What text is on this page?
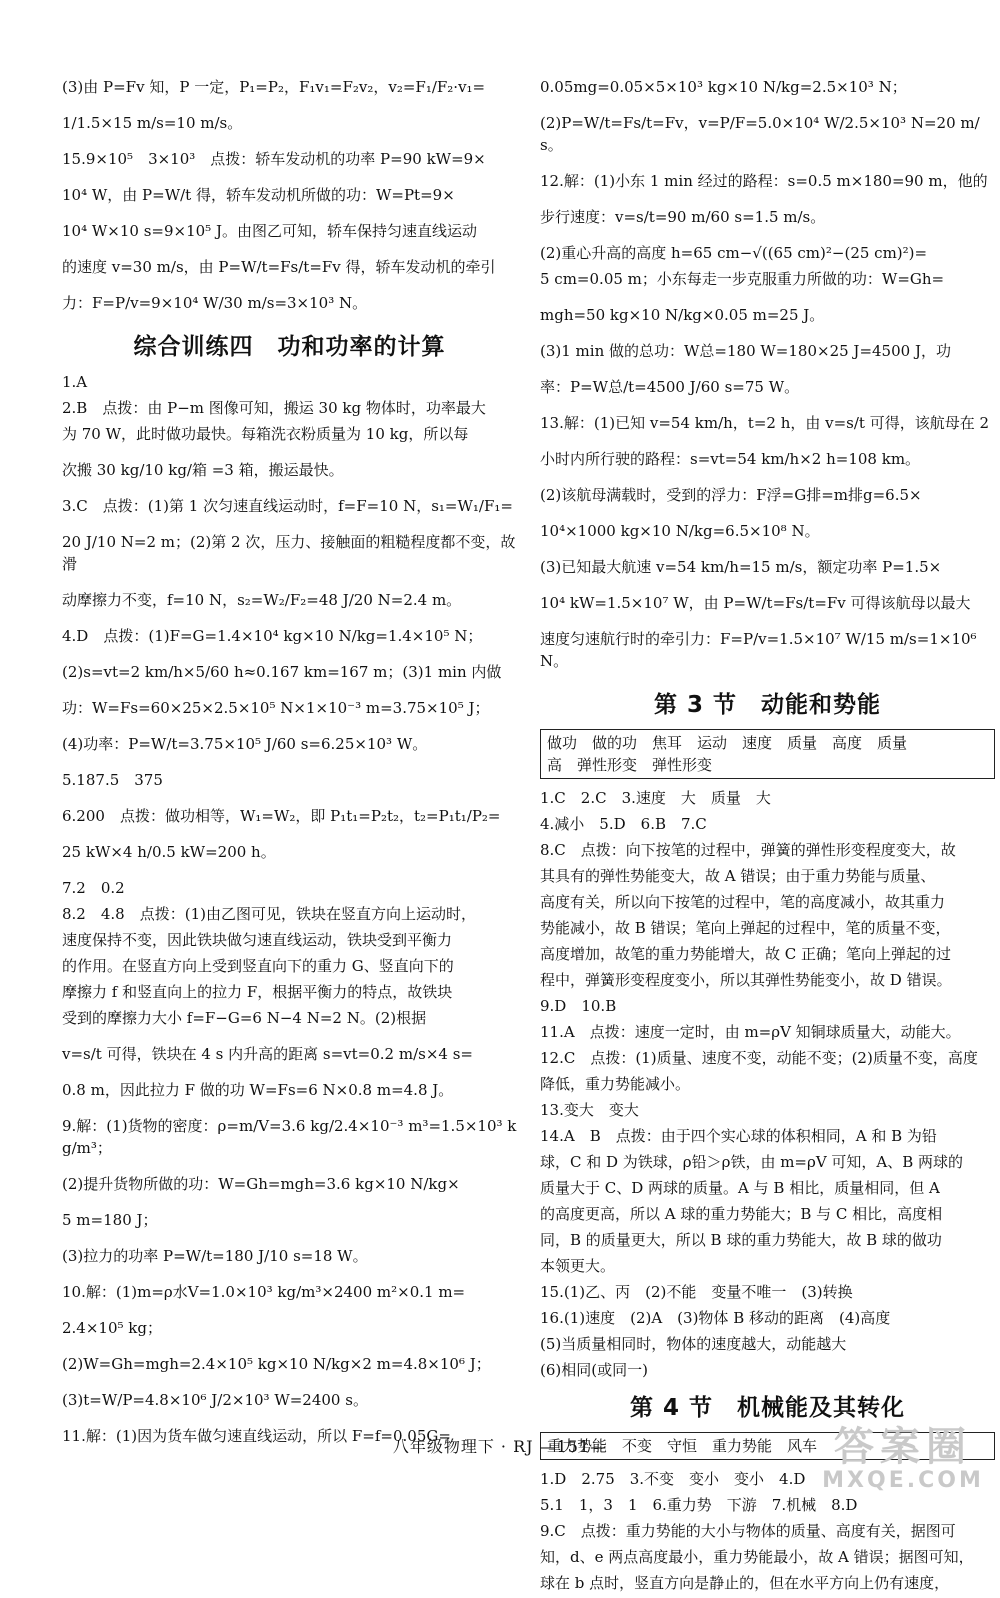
(3)由 P=Fv 知，P 一定，P₁=P₂，F₁v₁=F₂v₂，v₂=F₁/F₂·v₁=
1/1.5×15 m/s=10 m/s。
15.9×10⁵　3×10³　点拨：轿车发动机的功率 P=90 kW=9×
10⁴ W，由 P=W/t 得，轿车发动机所做的功：W=Pt=9×
10⁴ W×10 s=9×10⁵ J。由图乙可知，轿车保持匀速直线运动
的速度 v=30 m/s，由 P=W/t=Fs/t=Fv 得，轿车发动机的牵引
力：F=P/v=9×10⁴ W/30 m/s=3×10³ N。
综合训练四　功和功率的计算
1.A
2.B　点拨：由 P−m 图像可知，搬运 30 kg 物体时，功率最大
为 70 W，此时做功最快。每箱洗衣粉质量为 10 kg，所以每
次搬 30 kg/10 kg/箱 =3 箱，搬运最快。
3.C　点拨：(1)第 1 次匀速直线运动时，f=F=10 N，s₁=W₁/F₁=
20 J/10 N=2 m；(2)第 2 次，压力、接触面的粗糙程度都不变，故滑
动摩擦力不变，f=10 N，s₂=W₂/F₂=48 J/20 N=2.4 m。
4.D　点拨：(1)F=G=1.4×10⁴ kg×10 N/kg=1.4×10⁵ N；
(2)s=vt=2 km/h×5/60 h≈0.167 km=167 m；(3)1 min 内做
功：W=Fs=60×25×2.5×10⁵ N×1×10⁻³ m=3.75×10⁵ J；
(4)功率：P=W/t=3.75×10⁵ J/60 s=6.25×10³ W。
5.187.5　375
6.200　点拨：做功相等，W₁=W₂，即 P₁t₁=P₂t₂，t₂=P₁t₁/P₂=
25 kW×4 h/0.5 kW=200 h。
7.2　0.2
8.2　4.8　点拨：(1)由乙图可见，铁块在竖直方向上运动时，
速度保持不变，因此铁块做匀速直线运动，铁块受到平衡力
的作用。在竖直方向上受到竖直向下的重力 G、竖直向下的
摩擦力 f 和竖直向上的拉力 F，根据平衡力的特点，故铁块
受到的摩擦力大小 f=F−G=6 N−4 N=2 N。(2)根据
v=s/t 可得，铁块在 4 s 内升高的距离 s=vt=0.2 m/s×4 s=
0.8 m，因此拉力 F 做的功 W=Fs=6 N×0.8 m=4.8 J。
9.解：(1)货物的密度：ρ=m/V=3.6 kg/2.4×10⁻³ m³=1.5×10³ kg/m³；
(2)提升货物所做的功：W=Gh=mgh=3.6 kg×10 N/kg×
5 m=180 J；
(3)拉力的功率 P=W/t=180 J/10 s=18 W。
10.解：(1)m=ρ水V=1.0×10³ kg/m³×2400 m²×0.1 m=
2.4×10⁵ kg；
(2)W=Gh=mgh=2.4×10⁵ kg×10 N/kg×2 m=4.8×10⁶ J；
(3)t=W/P=4.8×10⁶ J/2×10³ W=2400 s。
11.解：(1)因为货车做匀速直线运动，所以 F=f=0.05G=
0.05mg=0.05×5×10³ kg×10 N/kg=2.5×10³ N；
(2)P=W/t=Fs/t=Fv，v=P/F=5.0×10⁴ W/2.5×10³ N=20 m/s。
12.解：(1)小东 1 min 经过的路程：s=0.5 m×180=90 m，他的
步行速度：v=s/t=90 m/60 s=1.5 m/s。
(2)重心升高的高度 h=65 cm−√((65 cm)²−(25 cm)²)=
5 cm=0.05 m；小东每走一步克服重力所做的功：W=Gh=
mgh=50 kg×10 N/kg×0.05 m=25 J。
(3)1 min 做的总功：W总=180 W=180×25 J=4500 J，功
率：P=W总/t=4500 J/60 s=75 W。
13.解：(1)已知 v=54 km/h，t=2 h，由 v=s/t 可得，该航母在 2
小时内所行驶的路程：s=vt=54 km/h×2 h=108 km。
(2)该航母满载时，受到的浮力：F浮=G排=m排g=6.5×
10⁴×1000 kg×10 N/kg=6.5×10⁸ N。
(3)已知最大航速 v=54 km/h=15 m/s，额定功率 P=1.5×
10⁴ kW=1.5×10⁷ W，由 P=W/t=Fs/t=Fv 可得该航母以最大
速度匀速航行时的牵引力：F=P/v=1.5×10⁷ W/15 m/s=1×10⁶ N。
第 3 节　动能和势能
做功　做的功　焦耳　运动　速度　质量　高度　质量
高　弹性形变　弹性形变
1.C　2.C　3.速度　大　质量　大
4.减小　5.D　6.B　7.C
8.C　点拨：向下按笔的过程中，弹簧的弹性形变程度变大，故
其具有的弹性势能变大，故 A 错误；由于重力势能与质量、
高度有关，所以向下按笔的过程中，笔的高度减小，故其重力
势能减小，故 B 错误；笔向上弹起的过程中，笔的质量不变，
高度增加，故笔的重力势能增大，故 C 正确；笔向上弹起的过
程中，弹簧形变程度变小，所以其弹性势能变小，故 D 错误。
9.D　10.B
11.A　点拨：速度一定时，由 m=ρV 知铜球质量大，动能大。
12.C　点拨：(1)质量、速度不变，动能不变；(2)质量不变，高度
降低，重力势能减小。
13.变大　变大
14.A　B　点拨：由于四个实心球的体积相同，A 和 B 为铅
球，C 和 D 为铁球，ρ铅＞ρ铁，由 m=ρV 可知，A、B 两球的
质量大于 C、D 两球的质量。A 与 B 相比，质量相同，但 A
的高度更高，所以 A 球的重力势能大；B 与 C 相比，高度相
同，B 的质量更大，所以 B 球的重力势能大，故 B 球的做功
本领更大。
15.(1)乙、丙　(2)不能　变量不唯一　(3)转换
16.(1)速度　(2)A　(3)物体 B 移动的距离　(4)高度
(5)当质量相同时，物体的速度越大，动能越大
(6)相同(或同一)
第 4 节　机械能及其转化
重力势能　不变　守恒　重力势能　风车
1.D　2.75　3.不变　变小　变小　4.D
5.1　1，3　1　6.重力势　下游　7.机械　8.D
9.C　点拨：重力势能的大小与物体的质量、高度有关，据图可
知，d、e 两点高度最小，重力势能最小，故 A 错误；据图可知，
球在 b 点时，竖直方向是静止的，但在水平方向上仍有速度，
八年级物理下 · RJ —151—	答案圈
MXQE.COM
